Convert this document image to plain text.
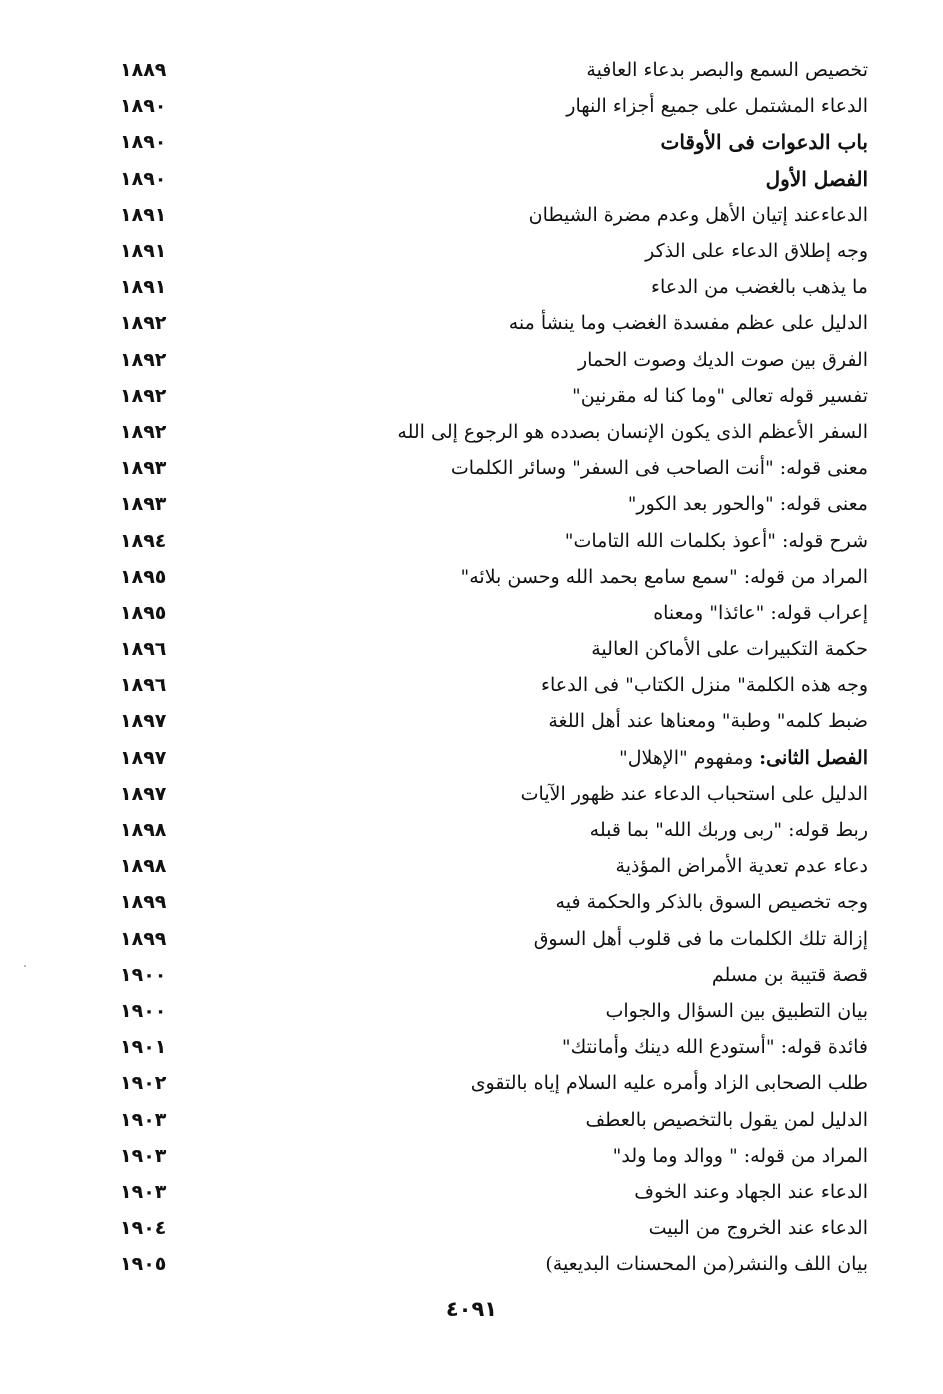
١٨٨٩	تخصيص السمع والبصر بدعاء العافية
١٨٩٠	الدعاء المشتمل على جميع أجزاء النهار
١٨٩٠	باب الدعوات فى الأوقات
١٨٩٠	الفصل الأول
١٨٩١	الدعاءعند إتيان الأهل وعدم مضرة الشيطان
١٨٩١	وجه إطلاق الدعاء على الذكر
١٨٩١	ما يذهب بالغضب من الدعاء
١٨٩٢	الدليل على عظم مفسدة الغضب وما ينشأ منه
١٨٩٢	الفرق بين صوت الديك وصوت الحمار
١٨٩٢	تفسير قوله تعالى "وما كنا له مقرنين"
١٨٩٢	السفر الأعظم الذى يكون الإنسان بصدده هو الرجوع إلى الله
١٨٩٣	معنى قوله: "أنت الصاحب فى السفر" وسائر الكلمات
١٨٩٣	معنى قوله: "والحور بعد الكور"
١٨٩٤	شرح قوله: "أعوذ بكلمات الله التامات"
١٨٩٥	المراد من قوله: "سمع سامع بحمد الله وحسن بلائه"
١٨٩٥	إعراب قوله: "عائذا" ومعناه
١٨٩٦	حكمة التكبيرات على الأماكن العالية
١٨٩٦	وجه هذه الكلمة" منزل الكتاب" فى الدعاء
١٨٩٧	ضبط كلمه" وطبة" ومعناها عند أهل اللغة
١٨٩٧	الفصل الثانى: ومفهوم "الإهلال"
١٨٩٧	الدليل على استحباب الدعاء عند ظهور الآيات
١٨٩٨	ربط قوله: "ربى وربك الله" بما قبله
١٨٩٨	دعاء عدم تعدية الأمراض المؤذية
١٨٩٩	وجه تخصيص السوق بالذكر والحكمة فيه
١٨٩٩	إزالة تلك الكلمات ما فى قلوب أهل السوق
١٩٠٠	قصة قتيبة بن مسلم
١٩٠٠	بيان التطبيق بين السؤال والجواب
١٩٠١	فائدة قوله: "أستودع الله دينك وأمانتك"
١٩٠٢	طلب الصحابى الزاد وأمره عليه السلام إياه بالتقوى
١٩٠٣	الدليل لمن يقول بالتخصيص بالعطف
١٩٠٣	المراد من قوله: " ووالد وما ولد"
١٩٠٣	الدعاء عند الجهاد وعند الخوف
١٩٠٤	الدعاء عند الخروج من البيت
١٩٠٥	بيان اللف والنشر(من المحسنات البديعية)
٤٠٩١
